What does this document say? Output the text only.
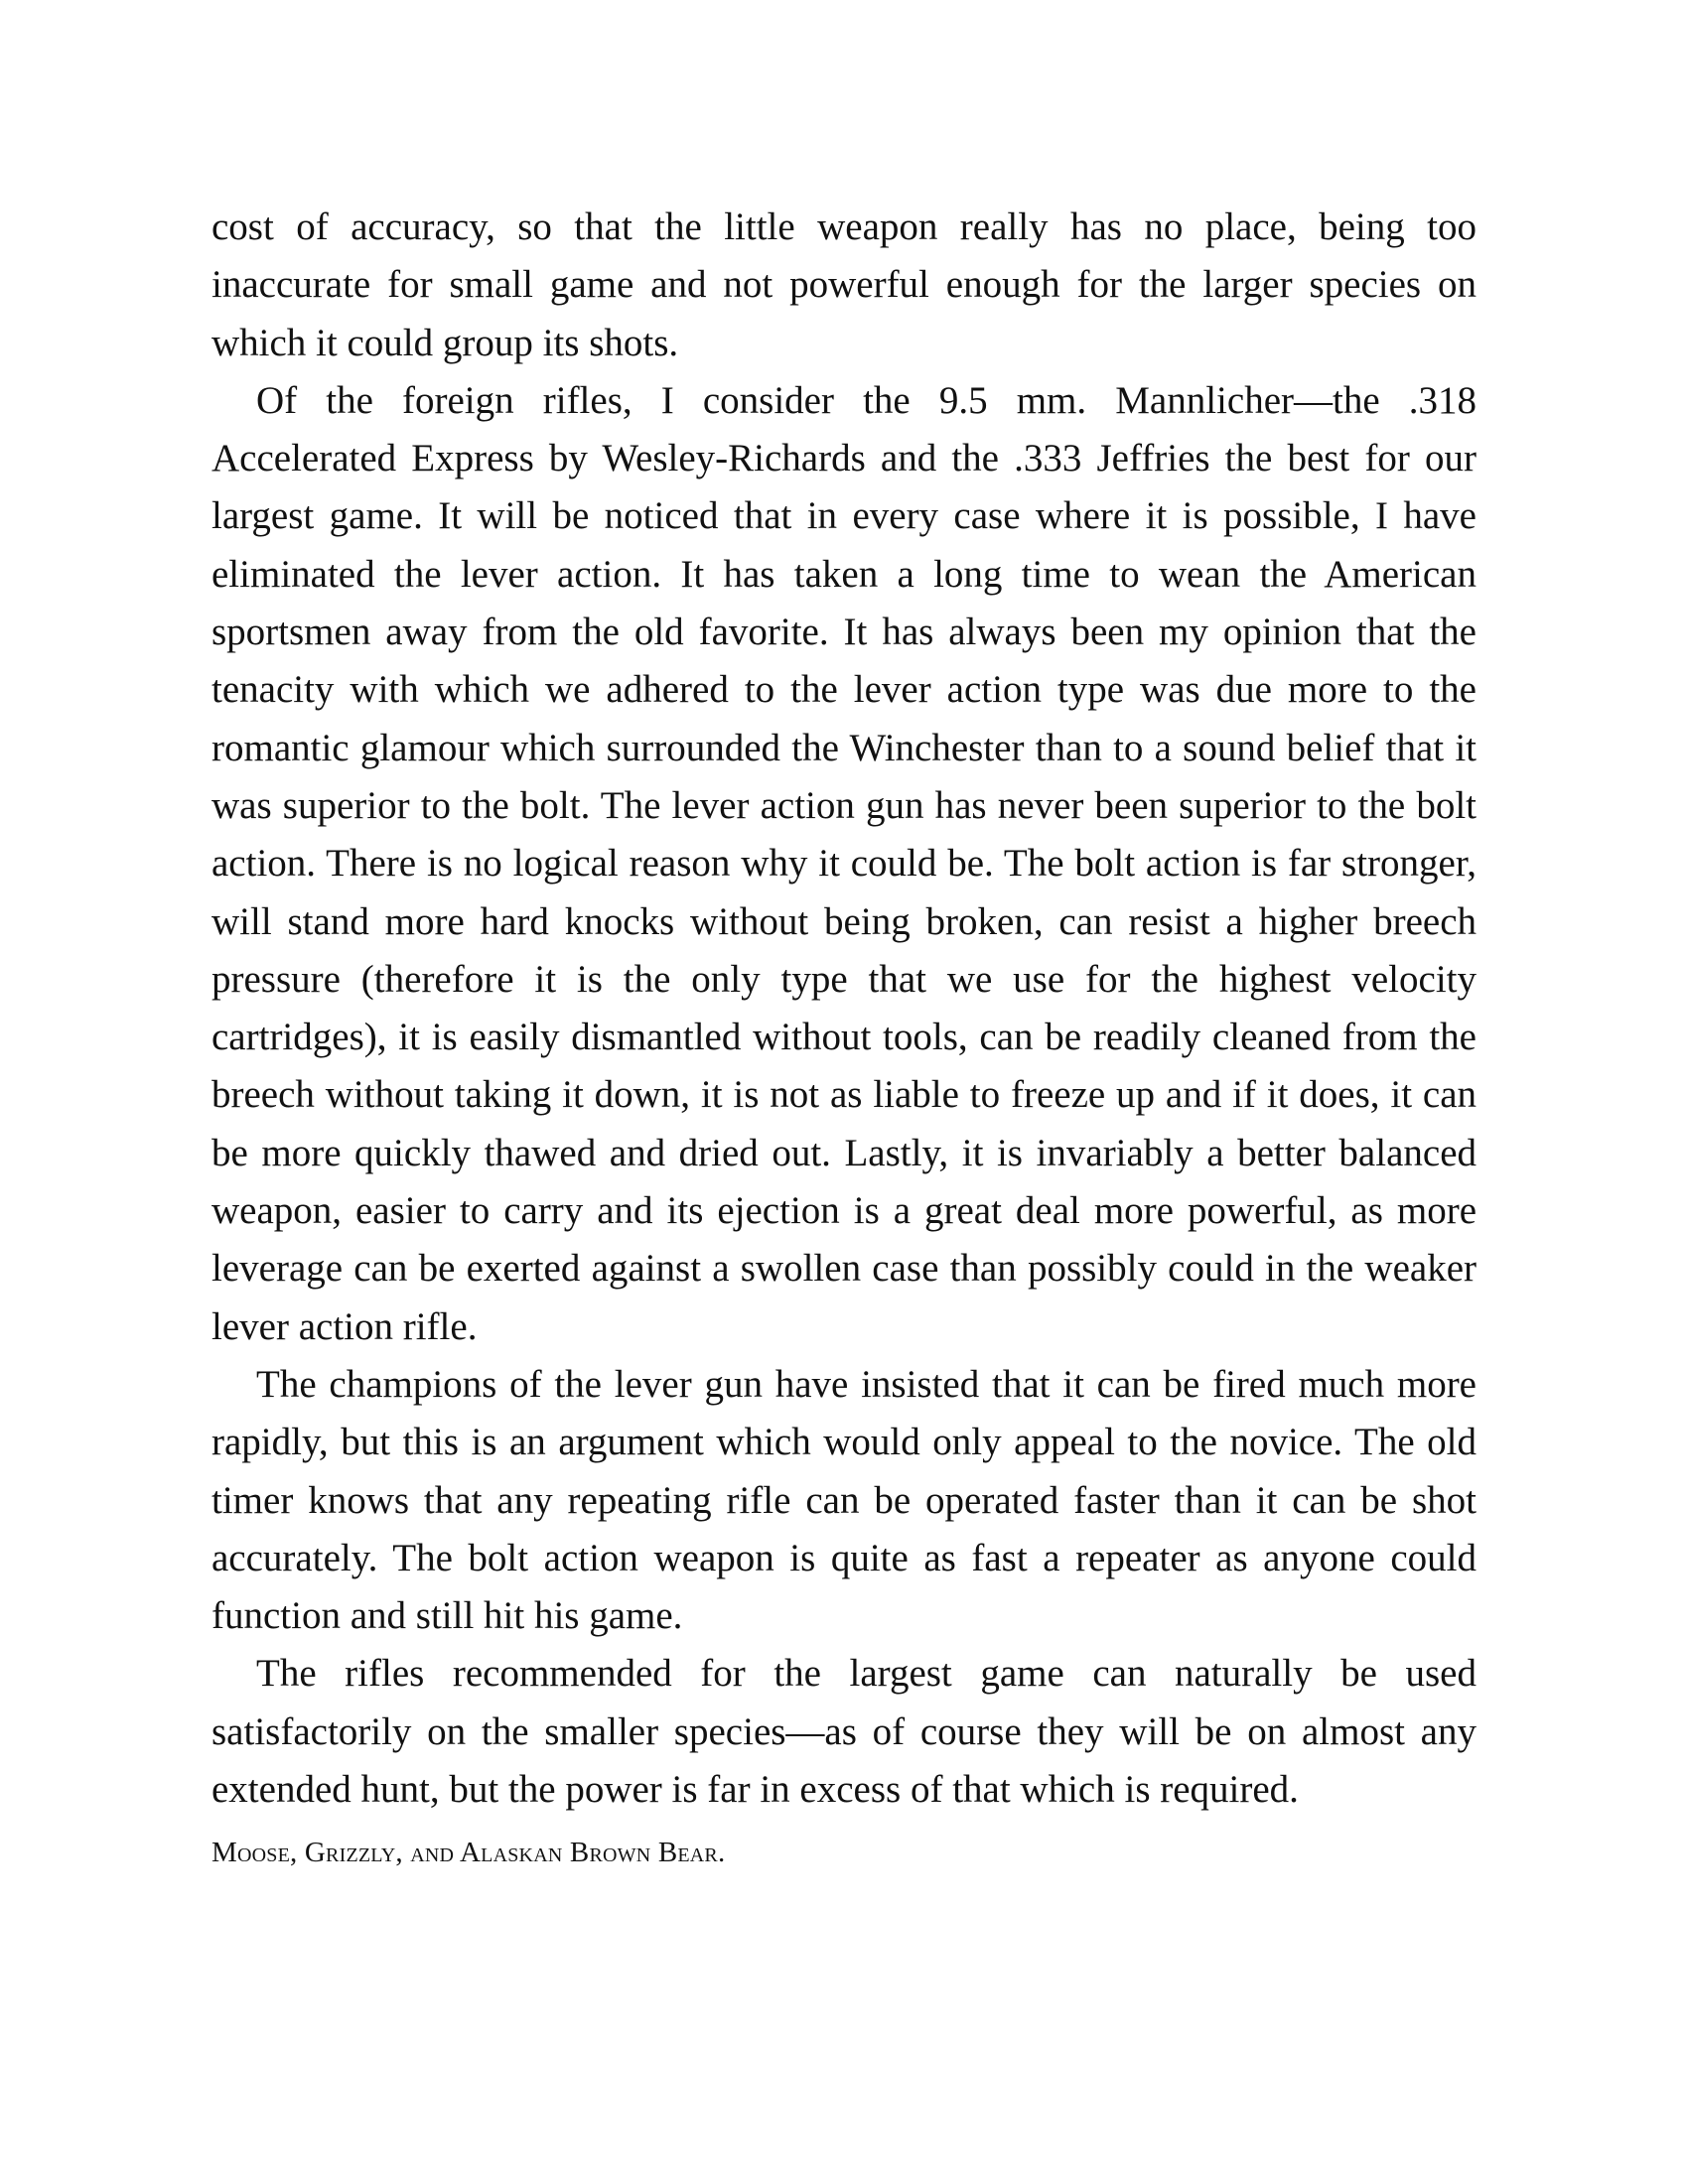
cost of accuracy, so that the little weapon really has no place, being too inaccurate for small game and not powerful enough for the larger species on which it could group its shots.

Of the foreign rifles, I consider the 9.5 mm. Mannlicher—the .318 Accelerated Express by Wesley-Richards and the .333 Jeffries the best for our largest game. It will be noticed that in every case where it is possible, I have eliminated the lever action. It has taken a long time to wean the American sportsmen away from the old favorite. It has always been my opinion that the tenacity with which we adhered to the lever action type was due more to the romantic glamour which surrounded the Winchester than to a sound belief that it was superior to the bolt. The lever action gun has never been superior to the bolt action. There is no logical reason why it could be. The bolt action is far stronger, will stand more hard knocks without being broken, can resist a higher breech pressure (therefore it is the only type that we use for the highest velocity cartridges), it is easily dismantled without tools, can be readily cleaned from the breech without taking it down, it is not as liable to freeze up and if it does, it can be more quickly thawed and dried out. Lastly, it is invariably a better balanced weapon, easier to carry and its ejection is a great deal more powerful, as more leverage can be exerted against a swollen case than possibly could in the weaker lever action rifle.

The champions of the lever gun have insisted that it can be fired much more rapidly, but this is an argument which would only appeal to the novice. The old timer knows that any repeating rifle can be operated faster than it can be shot accurately. The bolt action weapon is quite as fast a repeater as anyone could function and still hit his game.

The rifles recommended for the largest game can naturally be used satisfactorily on the smaller species—as of course they will be on almost any extended hunt, but the power is far in excess of that which is required.

Moose, Grizzly, and Alaskan Brown Bear.
